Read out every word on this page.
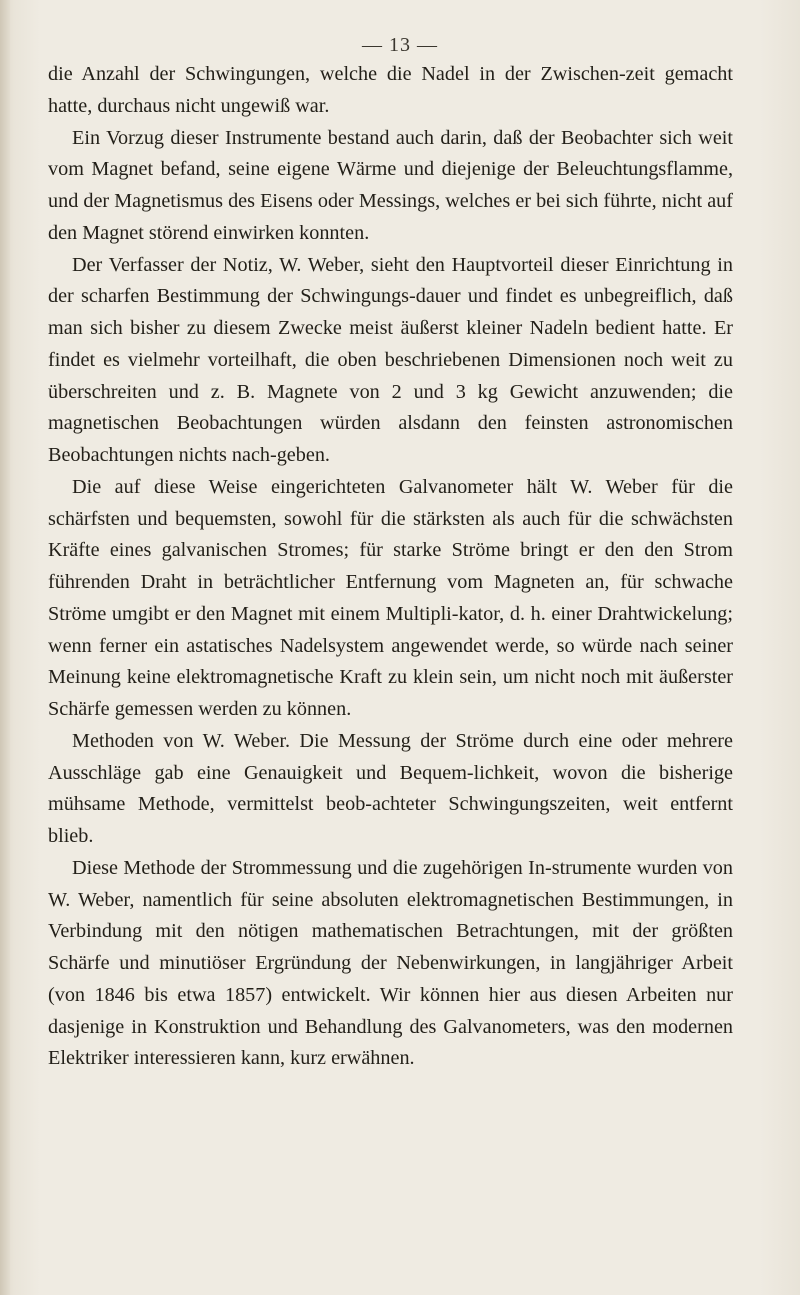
— 13 —

die Anzahl der Schwingungen, welche die Nadel in der Zwischen-zeit gemacht hatte, durchaus nicht ungewiß war.

Ein Vorzug dieser Instrumente bestand auch darin, daß der Beobachter sich weit vom Magnet befand, seine eigene Wärme und diejenige der Beleuchtungsflamme, und der Magnetismus des Eisens oder Messings, welches er bei sich führte, nicht auf den Magnet störend einwirken konnten.

Der Verfasser der Notiz, W. Weber, sieht den Hauptvorteil dieser Einrichtung in der scharfen Bestimmung der Schwingungs-dauer und findet es unbegreiflich, daß man sich bisher zu diesem Zwecke meist äußerst kleiner Nadeln bedient hatte. Er findet es vielmehr vorteilhaft, die oben beschriebenen Dimensionen noch weit zu überschreiten und z. B. Magnete von 2 und 3 kg Gewicht anzuwenden; die magnetischen Beobachtungen würden alsdann den feinsten astronomischen Beobachtungen nichts nach-geben.

Die auf diese Weise eingerichteten Galvanometer hält W. Weber für die schärfsten und bequemsten, sowohl für die stärksten als auch für die schwächsten Kräfte eines galvanischen Stromes; für starke Ströme bringt er den den Strom führenden Draht in beträchtlicher Entfernung vom Magneten an, für schwache Ströme umgibt er den Magnet mit einem Multipli-kator, d. h. einer Drahtwickelung; wenn ferner ein astatisches Nadelsystem angewendet werde, so würde nach seiner Meinung keine elektromagnetische Kraft zu klein sein, um nicht noch mit äußerster Schärfe gemessen werden zu können.

Methoden von W. Weber. Die Messung der Ströme durch eine oder mehrere Ausschläge gab eine Genauigkeit und Bequem-lichkeit, wovon die bisherige mühsame Methode, vermittelst beob-achteter Schwingungszeiten, weit entfernt blieb.

Diese Methode der Strommessung und die zugehörigen In-strumente wurden von W. Weber, namentlich für seine absoluten elektromagnetischen Bestimmungen, in Verbindung mit den nötigen mathematischen Betrachtungen, mit der größten Schärfe und minutiöser Ergründung der Nebenwirkungen, in langjähriger Arbeit (von 1846 bis etwa 1857) entwickelt. Wir können hier aus diesen Arbeiten nur dasjenige in Konstruktion und Behandlung des Galvanometers, was den modernen Elektriker interessieren kann, kurz erwähnen.
